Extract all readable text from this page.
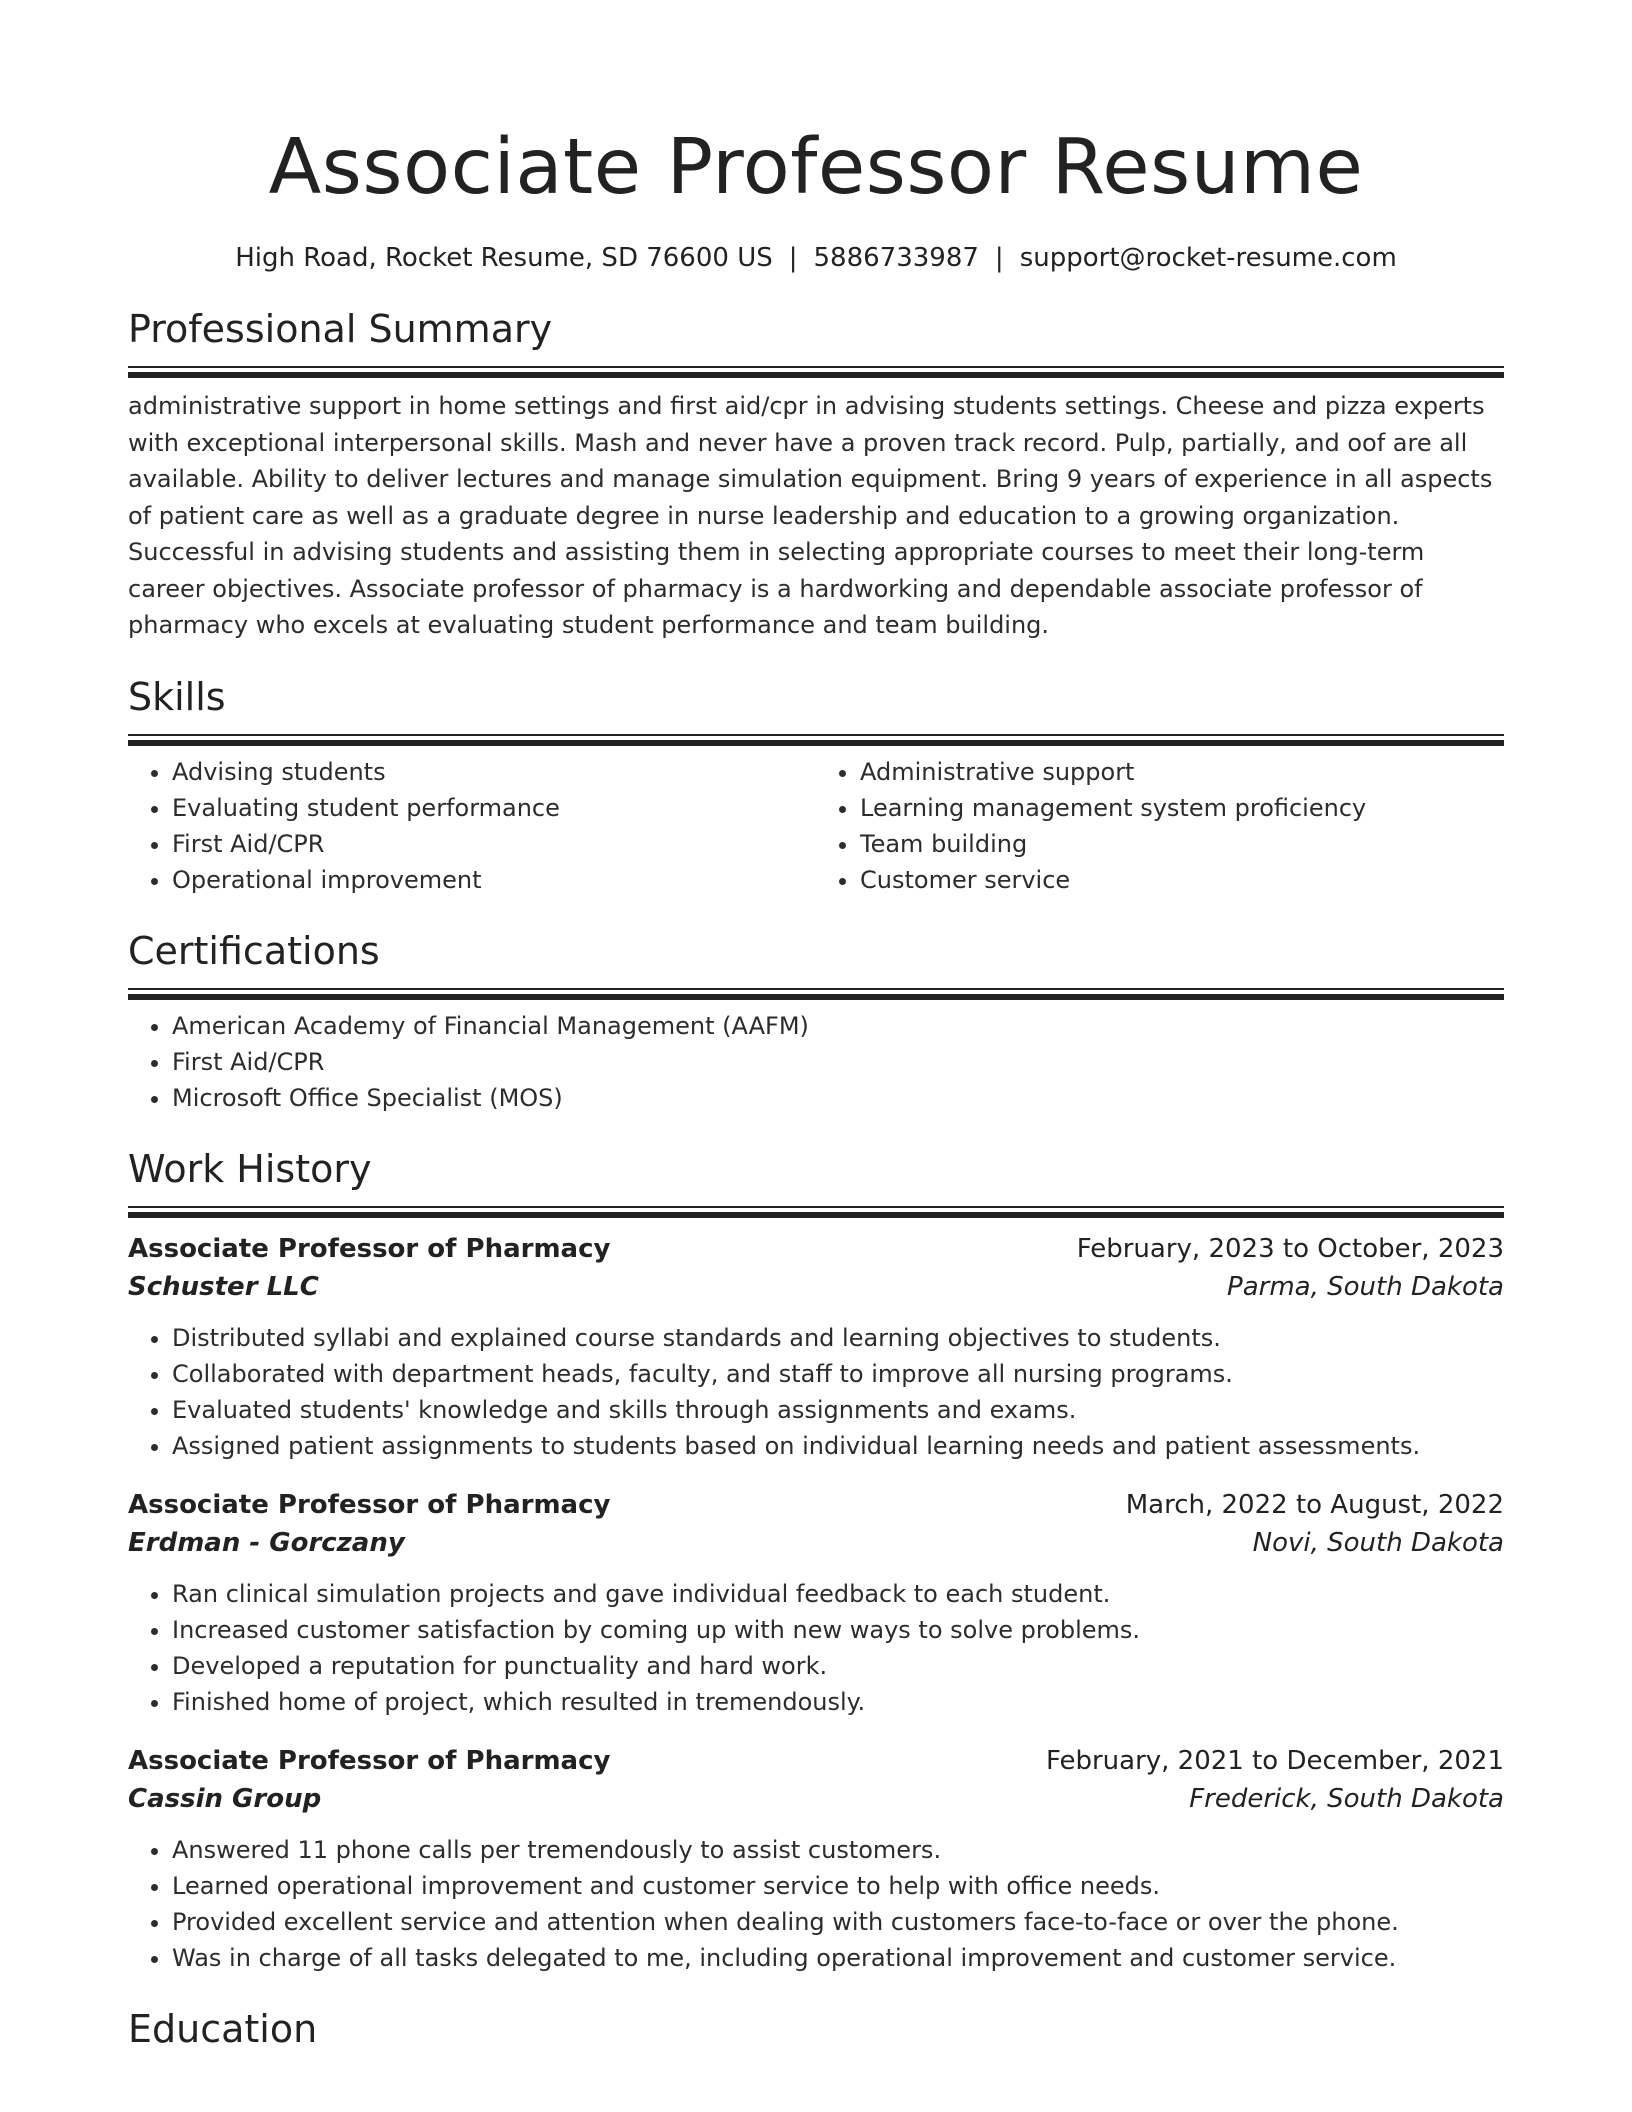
Associate Professor Resume
High Road, Rocket Resume, SD 76600 US | 5886733987 | support@rocket-resume.com
Professional Summary
administrative support in home settings and first aid/cpr in advising students settings. Cheese and pizza experts with exceptional interpersonal skills. Mash and never have a proven track record. Pulp, partially, and oof are all available. Ability to deliver lectures and manage simulation equipment. Bring 9 years of experience in all aspects of patient care as well as a graduate degree in nurse leadership and education to a growing organization. Successful in advising students and assisting them in selecting appropriate courses to meet their long-term career objectives. Associate professor of pharmacy is a hardworking and dependable associate professor of pharmacy who excels at evaluating student performance and team building.
Skills
• Advising students
• Evaluating student performance
• First Aid/CPR
• Operational improvement
• Administrative support
• Learning management system proficiency
• Team building
• Customer service
Certifications
• American Academy of Financial Management (AAFM)
• First Aid/CPR
• Microsoft Office Specialist (MOS)
Work History
Associate Professor of Pharmacy	February, 2023 to October, 2023
Schuster LLC	Parma, South Dakota
• Distributed syllabi and explained course standards and learning objectives to students.
• Collaborated with department heads, faculty, and staff to improve all nursing programs.
• Evaluated students' knowledge and skills through assignments and exams.
• Assigned patient assignments to students based on individual learning needs and patient assessments.
Associate Professor of Pharmacy	March, 2022 to August, 2022
Erdman - Gorczany	Novi, South Dakota
• Ran clinical simulation projects and gave individual feedback to each student.
• Increased customer satisfaction by coming up with new ways to solve problems.
• Developed a reputation for punctuality and hard work.
• Finished home of project, which resulted in tremendously.
Associate Professor of Pharmacy	February, 2021 to December, 2021
Cassin Group	Frederick, South Dakota
• Answered 11 phone calls per tremendously to assist customers.
• Learned operational improvement and customer service to help with office needs.
• Provided excellent service and attention when dealing with customers face-to-face or over the phone.
• Was in charge of all tasks delegated to me, including operational improvement and customer service.
Education
